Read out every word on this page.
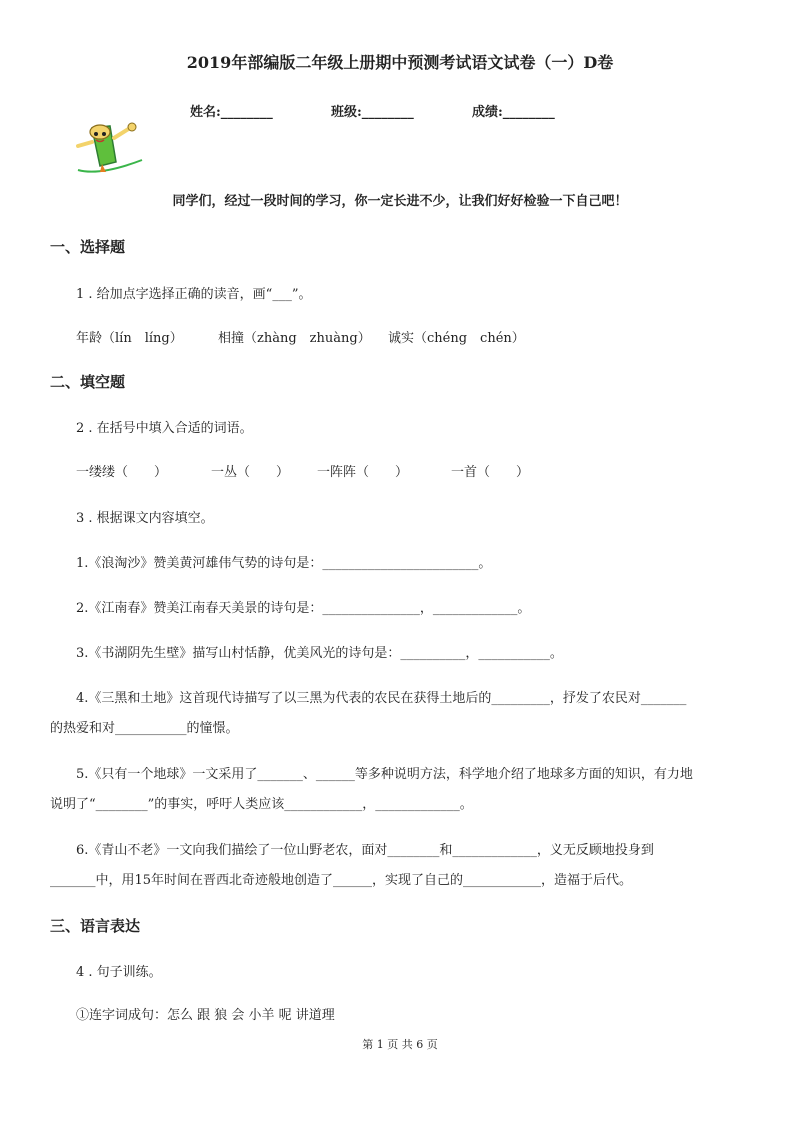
2019年部编版二年级上册期中预测考试语文试卷（一）D卷
姓名:________	班级:________	成绩:________
同学们，经过一段时间的学习，你一定长进不少，让我们好好检验一下自己吧！
一、选择题
1 . 给加点字选择正确的读音，画“___”。
年龄（lín　líng）	相撞（zhàng　zhuàng） 诚实（chéng　chén）
二、填空题
2 . 在括号中填入合适的词语。
一缕缕（　　）	一丛（　　） 一阵阵（　　）	一首（　　）
3 . 根据课文内容填空。
1.《浪淘沙》赞美黄河雄伟气势的诗句是：________________________。
2.《江南春》赞美江南春天美景的诗句是：_______________，_____________。
3.《书湖阴先生壁》描写山村恬静，优美风光的诗句是：__________，___________。
4.《三黑和土地》这首现代诗描写了以三黑为代表的农民在获得土地后的_________，抒发了农民对_______
的热爱和对___________的憧憬。
5.《只有一个地球》一文采用了_______、______等多种说明方法，科学地介绍了地球多方面的知识，有力地
说明了“________”的事实，呼吁人类应该____________，_____________。
6.《青山不老》一文向我们描绘了一位山野老农，面对________和_____________，义无反顾地投身到
_______中，用15年时间在晋西北奇迹般地创造了______，实现了自己的____________，造福于后代。
三、语言表达
4 . 句子训练。
①连字词成句：怎么 跟 狼 会 小羊 呢 讲道理
第 1 页 共 6 页
